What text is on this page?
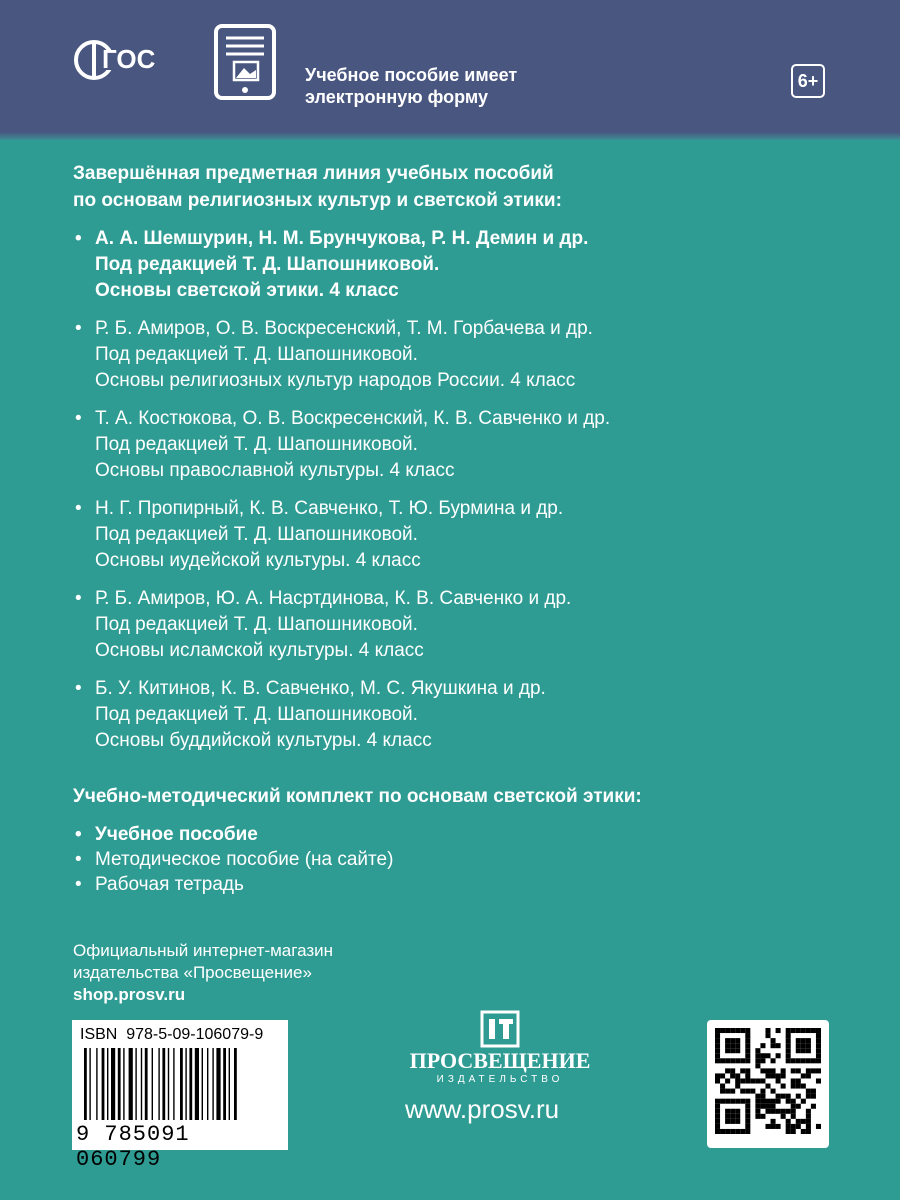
ГОС
Учебное пособие имеет
электронную форму
6+
Завершённая предметная линия учебных пособий
по основам религиозных культур и светской этики:
• А. А. Шемшурин, Н. М. Брунчукова, Р. Н. Демин и др.
Под редакцией Т. Д. Шапошниковой.
Основы светской этики. 4 класс
• Р. Б. Амиров, О. В. Воскресенский, Т. М. Горбачева и др.
Под редакцией Т. Д. Шапошниковой.
Основы религиозных культур народов России. 4 класс
• Т. А. Костюкова, О. В. Воскресенский, К. В. Савченко и др.
Под редакцией Т. Д. Шапошниковой.
Основы православной культуры. 4 класс
• Н. Г. Пропирный, К. В. Савченко, Т. Ю. Бурмина и др.
Под редакцией Т. Д. Шапошниковой.
Основы иудейской культуры. 4 класс
• Р. Б. Амиров, Ю. А. Насртдинова, К. В. Савченко и др.
Под редакцией Т. Д. Шапошниковой.
Основы исламской культуры. 4 класс
• Б. У. Китинов, К. В. Савченко, М. С. Якушкина и др.
Под редакцией Т. Д. Шапошниковой.
Основы буддийской культуры. 4 класс
Учебно-методический комплект по основам светской этики:
• Учебное пособие
• Методическое пособие (на сайте)
• Рабочая тетрадь
Официальный интернет-магазин
издательства «Просвещение»
shop.prosv.ru
ISBN 978-5-09-106079-9
9 785091 060799
ПРОСВЕЩЕНИЕ
ИЗДАТЕЛЬСТВО
www.prosv.ru
